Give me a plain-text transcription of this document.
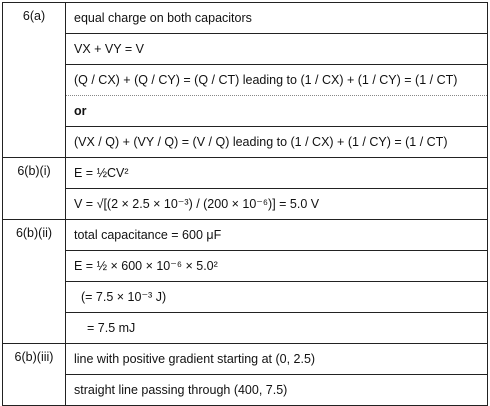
6(a)	equal charge on both capacitors
	VX + VY = V
	(Q / CX) + (Q / CY) = (Q / CT) leading to (1 / CX) + (1 / CY) = (1 / CT)
	or
	(VX / Q) + (VY / Q) = (V / Q) leading to (1 / CX) + (1 / CY) = (1 / CT)
6(b)(i)	E = ½CV²
	V = √[(2 × 2.5 × 10⁻³) / (200 × 10⁻⁶)] = 5.0 V
6(b)(ii)	total capacitance = 600 μF
	E = ½ × 600 × 10⁻⁶ × 5.0²
	(= 7.5 × 10⁻³ J)
	= 7.5 mJ
6(b)(iii)	line with positive gradient starting at (0, 2.5)
	straight line passing through (400, 7.5)
